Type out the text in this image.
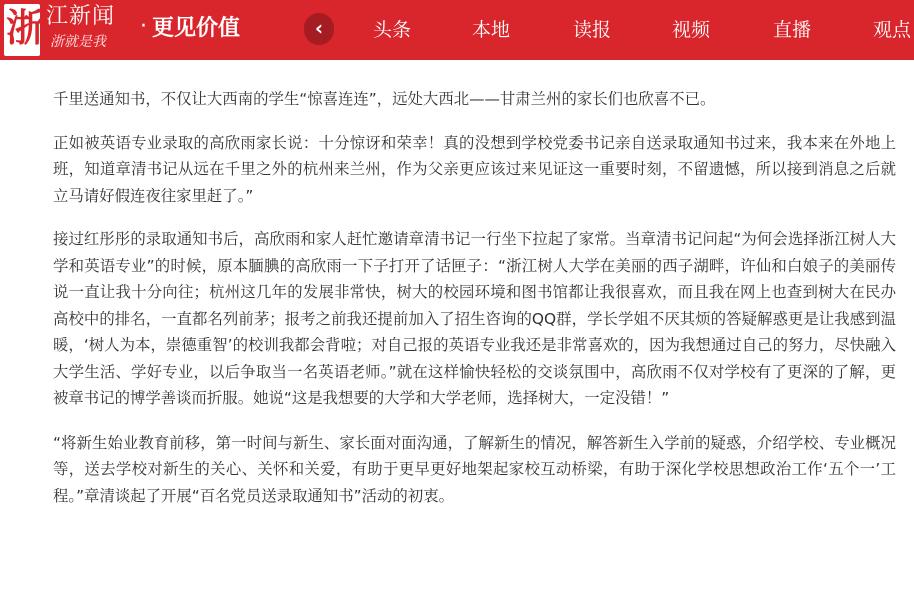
浙 江新闻
浙就是我
· 更见价值	‹	头条	本地	读报	视频	直播	观点

千里送通知书，不仅让大西南的学生“惊喜连连”，远处大西北——甘肃兰州的家长们也欣喜不已。

正如被英语专业录取的高欣雨家长说：十分惊讶和荣幸！真的没想到学校党委书记亲自送录取通知书过来，我本来在外地上班，知道章清书记从远在千里之外的杭州来兰州，作为父亲更应该过来见证这一重要时刻，不留遗憾，所以接到消息之后就立马请好假连夜往家里赶了。”

接过红彤彤的录取通知书后，高欣雨和家人赶忙邀请章清书记一行坐下拉起了家常。当章清书记问起“为何会选择浙江树人大学和英语专业”的时候，原本腼腆的高欣雨一下子打开了话匣子：“浙江树人大学在美丽的西子湖畔，许仙和白娘子的美丽传说一直让我十分向往；杭州这几年的发展非常快，树大的校园环境和图书馆都让我很喜欢，而且我在网上也查到树大在民办高校中的排名，一直都名列前茅；报考之前我还提前加入了招生咨询的QQ群，学长学姐不厌其烦的答疑解惑更是让我感到温暖，‘树人为本，崇德重智’的校训我都会背啦；对自己报的英语专业我还是非常喜欢的，因为我想通过自己的努力，尽快融入大学生活、学好专业，以后争取当一名英语老师。”就在这样愉快轻松的交谈氛围中，高欣雨不仅对学校有了更深的了解，更被章书记的博学善谈而折服。她说“这是我想要的大学和大学老师，选择树大，一定没错！”

“将新生始业教育前移，第一时间与新生、家长面对面沟通，了解新生的情况，解答新生入学前的疑惑，介绍学校、专业概况等，送去学校对新生的关心、关怀和关爱，有助于更早更好地架起家校互动桥梁，有助于深化学校思想政治工作‘五个一’工程。”章清谈起了开展“百名党员送录取通知书”活动的初衷。
